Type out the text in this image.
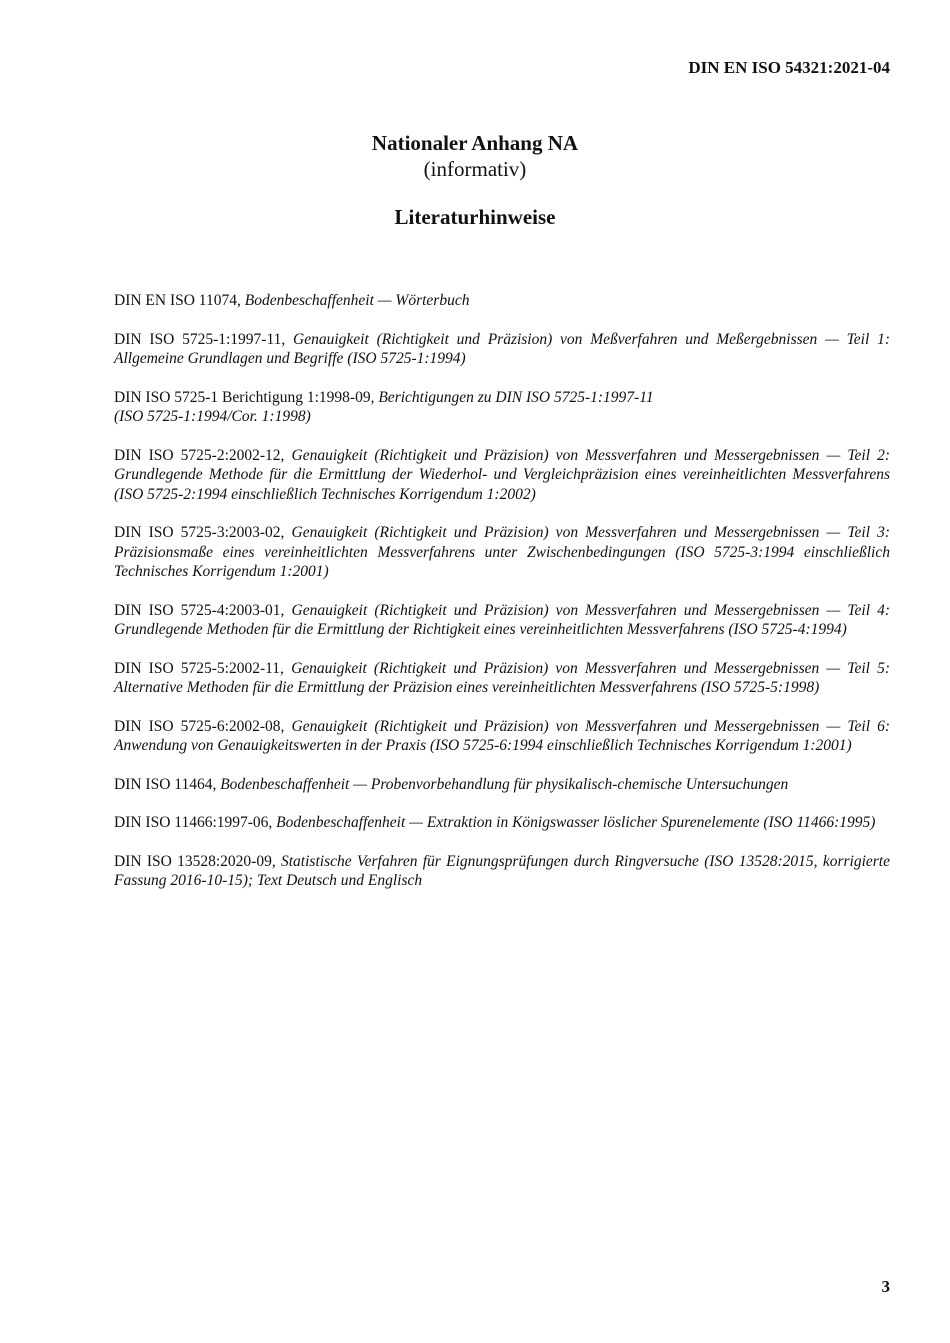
DIN EN ISO 54321:2021-04

Nationaler Anhang NA

(informativ)

Literaturhinweise

DIN EN ISO 11074, Bodenbeschaffenheit — Wörterbuch
DIN ISO 5725-1:1997-11, Genauigkeit (Richtigkeit und Präzision) von Meßverfahren und Meßergebnissen — Teil 1: Allgemeine Grundlagen und Begriffe (ISO 5725-1:1994)
DIN ISO 5725-1 Berichtigung 1:1998-09, Berichtigungen zu DIN ISO 5725-1:1997-11
(ISO 5725-1:1994/Cor. 1:1998)
DIN ISO 5725-2:2002-12, Genauigkeit (Richtigkeit und Präzision) von Messverfahren und Messergebnissen — Teil 2: Grundlegende Methode für die Ermittlung der Wiederhol- und Vergleichpräzision eines vereinheitlichten Messverfahrens (ISO 5725-2:1994 einschließlich Technisches Korrigendum 1:2002)
DIN ISO 5725-3:2003-02, Genauigkeit (Richtigkeit und Präzision) von Messverfahren und Messergebnissen — Teil 3: Präzisionsmaße eines vereinheitlichten Messverfahrens unter Zwischenbedingungen (ISO 5725-3:1994 einschließlich Technisches Korrigendum 1:2001)
DIN ISO 5725-4:2003-01, Genauigkeit (Richtigkeit und Präzision) von Messverfahren und Messergebnissen — Teil 4: Grundlegende Methoden für die Ermittlung der Richtigkeit eines vereinheitlichten Messverfahrens (ISO 5725-4:1994)
DIN ISO 5725-5:2002-11, Genauigkeit (Richtigkeit und Präzision) von Messverfahren und Messergebnissen — Teil 5: Alternative Methoden für die Ermittlung der Präzision eines vereinheitlichten Messverfahrens (ISO 5725-5:1998)
DIN ISO 5725-6:2002-08, Genauigkeit (Richtigkeit und Präzision) von Messverfahren und Messergebnissen — Teil 6: Anwendung von Genauigkeitswerten in der Praxis (ISO 5725-6:1994 einschließlich Technisches Korrigendum 1:2001)
DIN ISO 11464, Bodenbeschaffenheit — Probenvorbehandlung für physikalisch-chemische Untersuchungen
DIN ISO 11466:1997-06, Bodenbeschaffenheit — Extraktion in Königswasser löslicher Spurenelemente (ISO 11466:1995)
DIN ISO 13528:2020-09, Statistische Verfahren für Eignungsprüfungen durch Ringversuche (ISO 13528:2015, korrigierte Fassung 2016-10-15); Text Deutsch und Englisch

3
